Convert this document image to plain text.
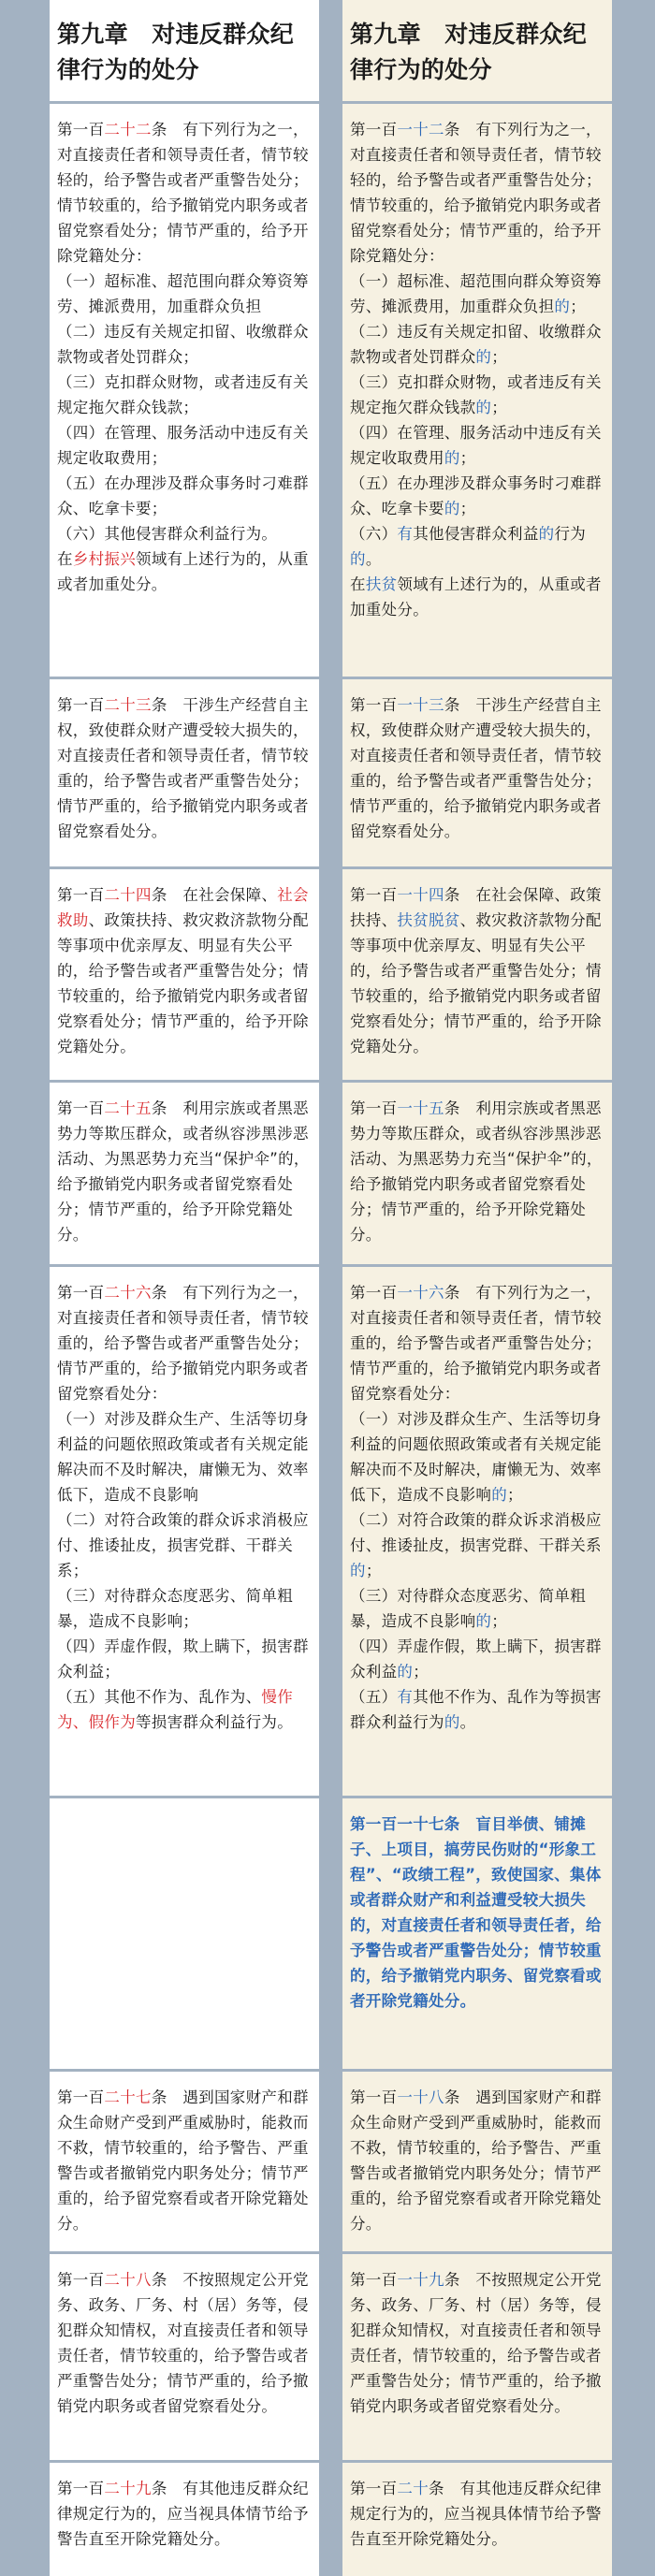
第九章　对违反群众纪律行为的处分

第一百二十二条　有下列行为之一，对直接责任者和领导责任者，情节较轻的，给予警告或者严重警告处分；情节较重的，给予撤销党内职务或者留党察看处分；情节严重的，给予开除党籍处分：

（一）超标准、超范围向群众筹资筹劳、摊派费用，加重群众负担

（二）违反有关规定扣留、收缴群众款物或者处罚群众；

（三）克扣群众财物，或者违反有关规定拖欠群众钱款；

（四）在管理、服务活动中违反有关规定收取费用；

（五）在办理涉及群众事务时刁难群众、吃拿卡要；

（六）其他侵害群众利益行为。

在乡村振兴领域有上述行为的，从重或者加重处分。

第一百二十三条　干涉生产经营自主权，致使群众财产遭受较大损失的，对直接责任者和领导责任者，情节较重的，给予警告或者严重警告处分；情节严重的，给予撤销党内职务或者留党察看处分。

第一百二十四条　在社会保障、社会救助、政策扶持、救灾救济款物分配等事项中优亲厚友、明显有失公平的，给予警告或者严重警告处分；情节较重的，给予撤销党内职务或者留党察看处分；情节严重的，给予开除党籍处分。

第一百二十五条　利用宗族或者黑恶势力等欺压群众，或者纵容涉黑涉恶活动、为黑恶势力充当“保护伞”的，给予撤销党内职务或者留党察看处分；情节严重的，给予开除党籍处分。

第一百二十六条　有下列行为之一，对直接责任者和领导责任者，情节较重的，给予警告或者严重警告处分；情节严重的，给予撤销党内职务或者留党察看处分：

（一）对涉及群众生产、生活等切身利益的问题依照政策或者有关规定能解决而不及时解决，庸懒无为、效率低下，造成不良影响

（二）对符合政策的群众诉求消极应付、推诿扯皮，损害党群、干群关系；

（三）对待群众态度恶劣、简单粗暴，造成不良影响；

（四）弄虚作假，欺上瞒下，损害群众利益；

（五）其他不作为、乱作为、慢作为、假作为等损害群众利益行为。

第一百二十七条　遇到国家财产和群众生命财产受到严重威胁时，能救而不救，情节较重的，给予警告、严重警告或者撤销党内职务处分；情节严重的，给予留党察看或者开除党籍处分。

第一百二十八条　不按照规定公开党务、政务、厂务、村（居）务等，侵犯群众知情权，对直接责任者和领导责任者，情节较重的，给予警告或者严重警告处分；情节严重的，给予撤销党内职务或者留党察看处分。

第一百二十九条　有其他违反群众纪律规定行为的，应当视具体情节给予警告直至开除党籍处分。

第九章　对违反群众纪律行为的处分

第一百一十二条　有下列行为之一，对直接责任者和领导责任者，情节较轻的，给予警告或者严重警告处分；情节较重的，给予撤销党内职务或者留党察看处分；情节严重的，给予开除党籍处分：

（一）超标准、超范围向群众筹资筹劳、摊派费用，加重群众负担的；

（二）违反有关规定扣留、收缴群众款物或者处罚群众的；

（三）克扣群众财物，或者违反有关规定拖欠群众钱款的；

（四）在管理、服务活动中违反有关规定收取费用的；

（五）在办理涉及群众事务时刁难群众、吃拿卡要的；

（六）有其他侵害群众利益的行为的。

在扶贫领域有上述行为的，从重或者加重处分。

第一百一十三条　干涉生产经营自主权，致使群众财产遭受较大损失的，对直接责任者和领导责任者，情节较重的，给予警告或者严重警告处分；情节严重的，给予撤销党内职务或者留党察看处分。

第一百一十四条　在社会保障、政策扶持、扶贫脱贫、救灾救济款物分配等事项中优亲厚友、明显有失公平的，给予警告或者严重警告处分；情节较重的，给予撤销党内职务或者留党察看处分；情节严重的，给予开除党籍处分。

第一百一十五条　利用宗族或者黑恶势力等欺压群众，或者纵容涉黑涉恶活动、为黑恶势力充当“保护伞”的，给予撤销党内职务或者留党察看处分；情节严重的，给予开除党籍处分。

第一百一十六条　有下列行为之一，对直接责任者和领导责任者，情节较重的，给予警告或者严重警告处分；情节严重的，给予撤销党内职务或者留党察看处分：

（一）对涉及群众生产、生活等切身利益的问题依照政策或者有关规定能解决而不及时解决，庸懒无为、效率低下，造成不良影响的；

（二）对符合政策的群众诉求消极应付、推诿扯皮，损害党群、干群关系的；

（三）对待群众态度恶劣、简单粗暴，造成不良影响的；

（四）弄虚作假，欺上瞒下，损害群众利益的；

（五）有其他不作为、乱作为等损害群众利益行为的。

第一百一十七条　盲目举债、铺摊子、上项目，搞劳民伤财的“形象工程”、“政绩工程”，致使国家、集体或者群众财产和利益遭受较大损失的，对直接责任者和领导责任者，给予警告或者严重警告处分；情节较重的，给予撤销党内职务、留党察看或者开除党籍处分。

第一百一十八条　遇到国家财产和群众生命财产受到严重威胁时，能救而不救，情节较重的，给予警告、严重警告或者撤销党内职务处分；情节严重的，给予留党察看或者开除党籍处分。

第一百一十九条　不按照规定公开党务、政务、厂务、村（居）务等，侵犯群众知情权，对直接责任者和领导责任者，情节较重的，给予警告或者严重警告处分；情节严重的，给予撤销党内职务或者留党察看处分。

第一百二十条　有其他违反群众纪律规定行为的，应当视具体情节给予警告直至开除党籍处分。
